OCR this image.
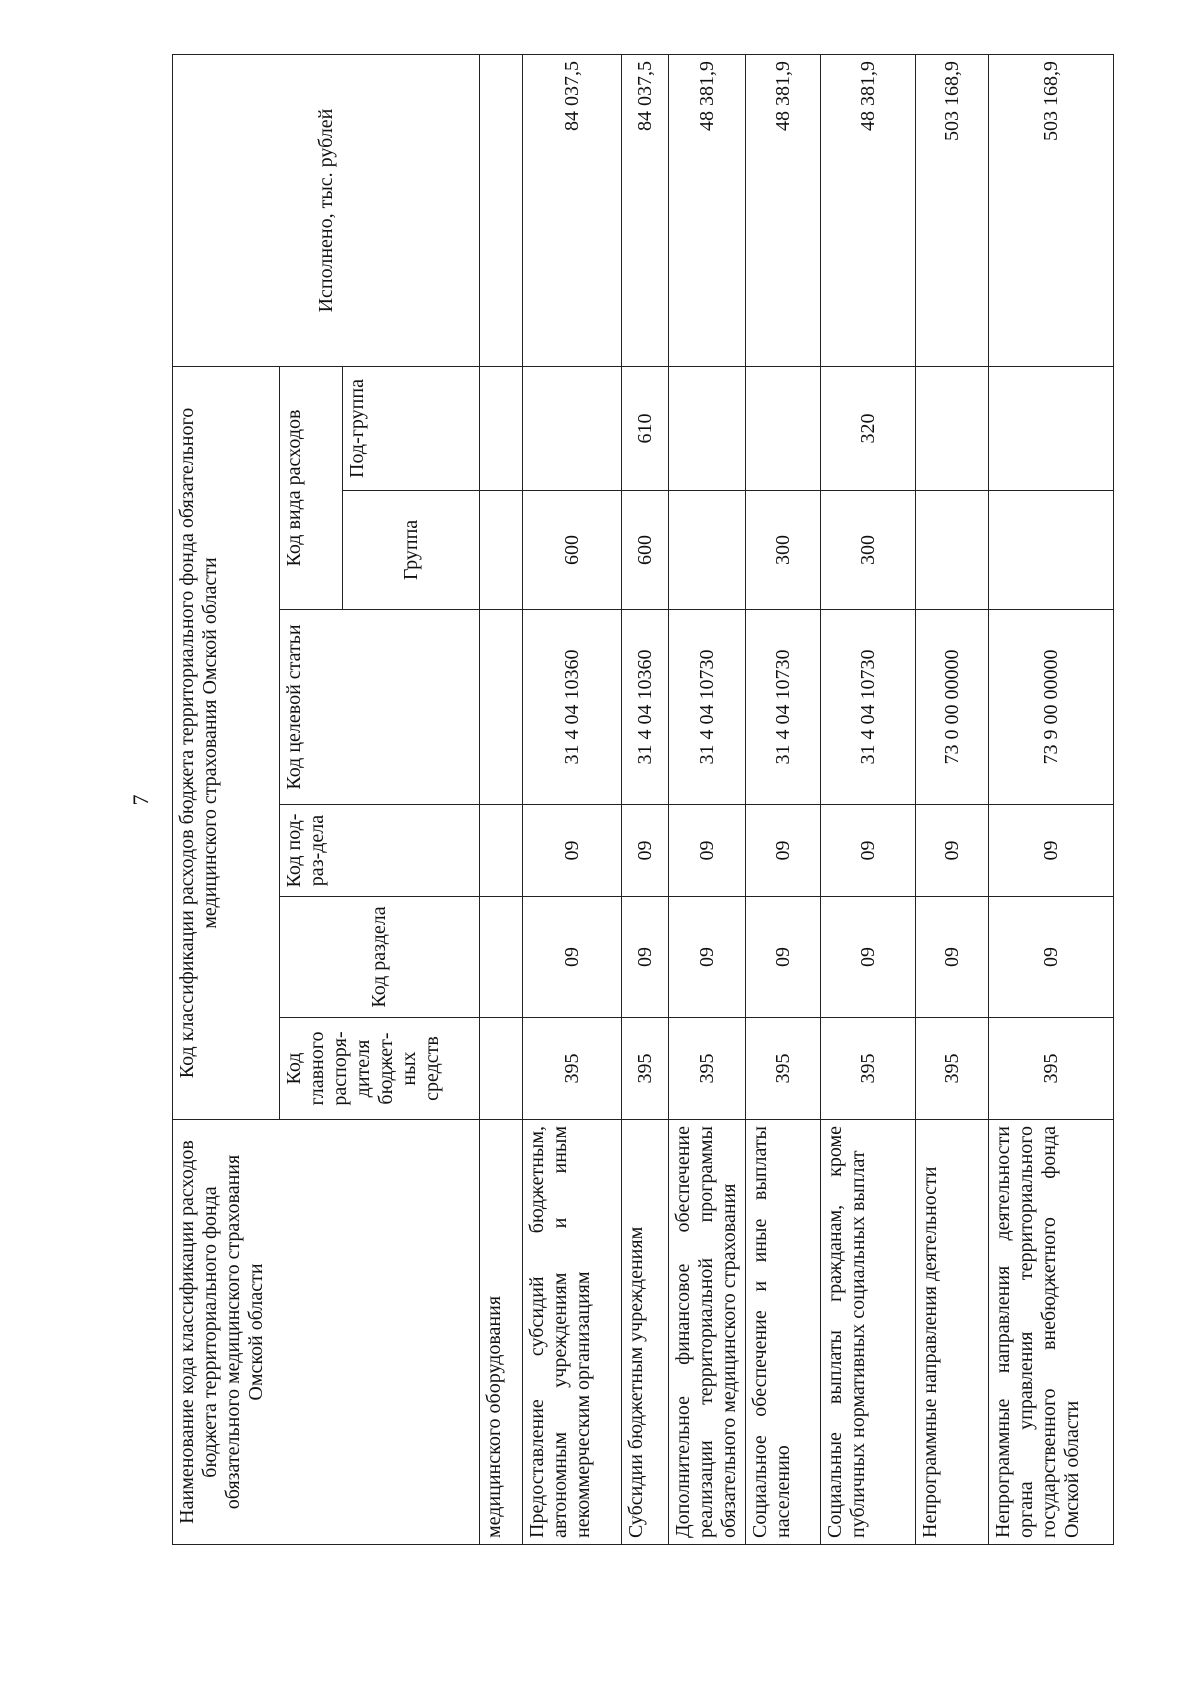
7
Наименование кода классификации расходов бюджета территориального фонда обязательного медицинского страхования Омской области	Код классификации расходов бюджета территориального фонда обязательного медицинского страхования Омской области						Исполнено, тыс. рублей
	Код главного распоря-дителя бюджет-ных средств	Код раздела	Код под-раз-дела	Код целевой статьи	Код вида расходов		
					Группа	Под-группа	
медицинского оборудования							
Предоставление субсидий бюджетным, автономным учреждениям и иным некоммерческим организациям	395	09	09	31 4 04 10360	600		84 037,5
Субсидии бюджетным учреждениям	395	09	09	31 4 04 10360	600	610	84 037,5
Дополнительное финансовое обеспечение реализации территориальной программы обязательного медицинского страхования	395	09	09	31 4 04 10730			48 381,9
Социальное обеспечение и иные выплаты населению	395	09	09	31 4 04 10730	300		48 381,9
Социальные выплаты гражданам, кроме публичных нормативных социальных выплат	395	09	09	31 4 04 10730	300	320	48 381,9
Непрограммные направления деятельности	395	09	09	73 0 00 00000			503 168,9
Непрограммные направления деятельности органа управления территориального государственного внебюджетного фонда Омской области	395	09	09	73 9 00 00000			503 168,9
